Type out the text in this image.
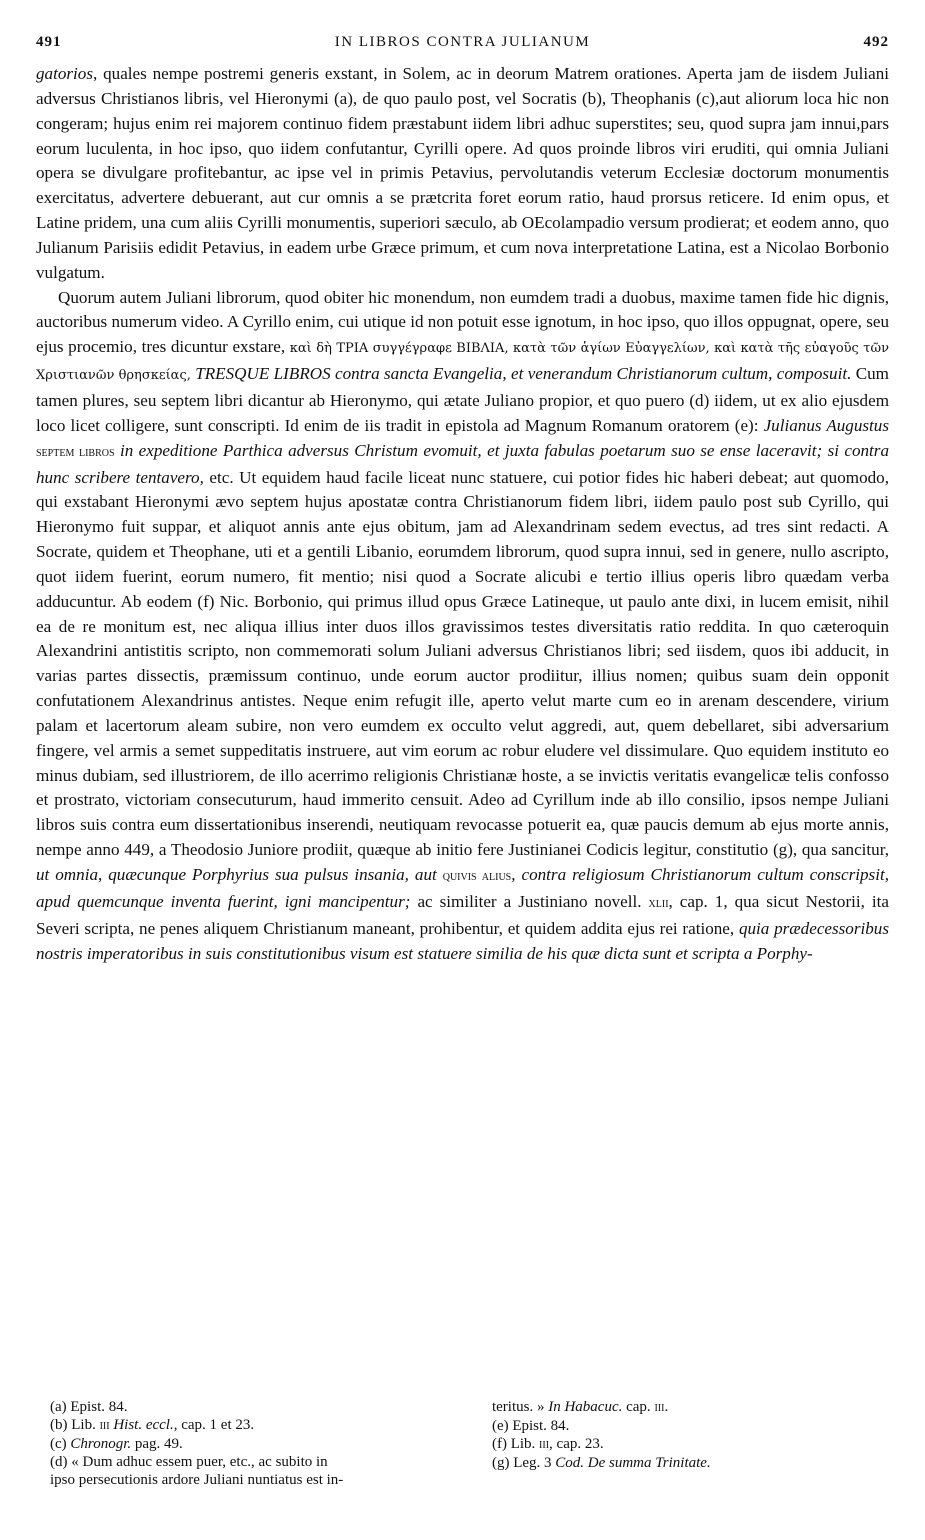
491	IN LIBROS CONTRA JULIANUM	492

gatorios, quales nempe postremi generis exstant, in Solem, ac in deorum Matrem orationes. Aperta jam de iisdem Juliani adversus Christianos libris, vel Hieronymi (a), de quo paulo post, vel Socratis (b), Theophanis (c),aut aliorum loca hic non congeram; hujus enim rei majorem continuo fidem præstabunt iidem libri adhuc superstites; seu, quod supra jam innui,pars eorum luculenta, in hoc ipso, quo iidem confutantur, Cyrilli opere. Ad quos proinde libros viri eruditi, qui omnia Juliani opera se divulgare profitebantur, ac ipse vel in primis Petavius, pervolutandis veterum Ecclesiæ doctorum monumentis exercitatus, advertere debuerant, aut cur omnis a se prætcrita foret eorum ratio, haud prorsus reticere. Id enim opus, et Latine pridem, una cum aliis Cyrilli monumentis, superiori sæculo, ab OEcolampadio versum prodierat; et eodem anno, quo Julianum Parisiis edidit Petavius, in eadem urbe Græce primum, et cum nova interpretatione Latina, est a Nicolao Borbonio vulgatum.

Quorum autem Juliani librorum, quod obiter hic monendum, non eumdem tradi a duobus, maxime tamen fide hic dignis, auctoribus numerum video. A Cyrillo enim, cui utique id non potuit esse ignotum, in hoc ipso, quo illos oppugnat, opere, seu ejus procemio, tres dicuntur exstare, καὶ δὴ ΤΡΙΑ συγγέγραφε ΒΙΒΛΙΑ, κατὰ τῶν ἁγίων Εὐαγγελίων, καὶ κατὰ τῆς εὐαγοῦς τῶν Χριστιανῶν θρησκείας, TRESQUE LIBROS contra sancta Evangelia, et venerandum Christianorum cultum, composuit. Cum tamen plures, seu septem libri dicantur ab Hieronymo, qui ætate Juliano propior, et quo puero (d) iidem, ut ex alio ejusdem loco licet colligere, sunt conscripti. Id enim de iis tradit in epistola ad Magnum Romanum oratorem (e): Julianus Augustus septem libros in expeditione Parthica adversus Christum evomuit, et juxta fabulas poetarum suo se ense laceravit; si contra hunc scribere tentavero, etc. Ut equidem haud facile liceat nunc statuere, cui potior fides hic haberi debeat; aut quomodo, qui exstabant Hieronymi ævo septem hujus apostatæ contra Christianorum fidem libri, iidem paulo post sub Cyrillo, qui Hieronymo fuit suppar, et aliquot annis ante ejus obitum, jam ad Alexandrinam sedem evectus, ad tres sint redacti. A Socrate, quidem et Theophane, uti et a gentili Libanio, eorumdem librorum, quod supra innui, sed in genere, nullo ascripto, quot iidem fuerint, eorum numero, fit mentio; nisi quod a Socrate alicubi e tertio illius operis libro quædam verba adducuntur. Ab eodem (f) Nic. Borbonio, qui primus illud opus Græce Latineque, ut paulo ante dixi, in lucem emisit, nihil ea de re monitum est, nec aliqua illius inter duos illos gravissimos testes diversitatis ratio reddita. In quo cæteroquin Alexandrini antistitis scripto, non commemorati solum Juliani adversus Christianos libri; sed iisdem, quos ibi adducit, in varias partes dissectis, præmissum continuo, unde eorum auctor prodiitur, illius nomen; quibus suam dein opponit confutationem Alexandrinus antistes. Neque enim refugit ille, aperto velut marte cum eo in arenam descendere, virium palam et lacertorum aleam subire, non vero eumdem ex occulto velut aggredi, aut, quem debellaret, sibi adversarium fingere, vel armis a semet suppeditatis instruere, aut vim eorum ac robur eludere vel dissimulare. Quo equidem instituto eo minus dubiam, sed illustriorem, de illo acerrimo religionis Christianæ hoste, a se invictis veritatis evangelicæ telis confosso et prostrato, victoriam consecuturum, haud immerito censuit. Adeo ad Cyrillum inde ab illo consilio, ipsos nempe Juliani libros suis contra eum dissertationibus inserendi, neutiquam revocasse potuerit ea, quæ paucis demum ab ejus morte annis, nempe anno 449, a Theodosio Juniore prodiit, quæque ab initio fere Justinianei Codicis legitur, constitutio (g), qua sancitur, ut omnia, quæcunque Porphyrius sua pulsus insania, aut quivis alius, contra religiosum Christianorum cultum conscripsit, apud quemcunque inventa fuerint, igni mancipentur; ac similiter a Justiniano novell. xlii, cap. 1, qua sicut Nestorii, ita Severi scripta, ne penes aliquem Christianum maneant, prohibentur, et quidem addita ejus rei ratione, quia prædecessoribus nostris imperatoribus in suis constitutionibus visum est statuere similia de his quæ dicta sunt et scripta a Porphy-

(a) Epist. 84.
(b) Lib. iii Hist. eccl., cap. 1 et 23.
(c) Chronogr. pag. 49.
(d) « Dum adhuc essem puer, etc., ac subito in
ipso persecutionis ardore Juliani nuntiatus est in-
teritus. » In Habacuc. cap. iii.
(e) Epist. 84.
(f) Lib. iii, cap. 23.
(g) Leg. 3 Cod. De summa Trinitate.
